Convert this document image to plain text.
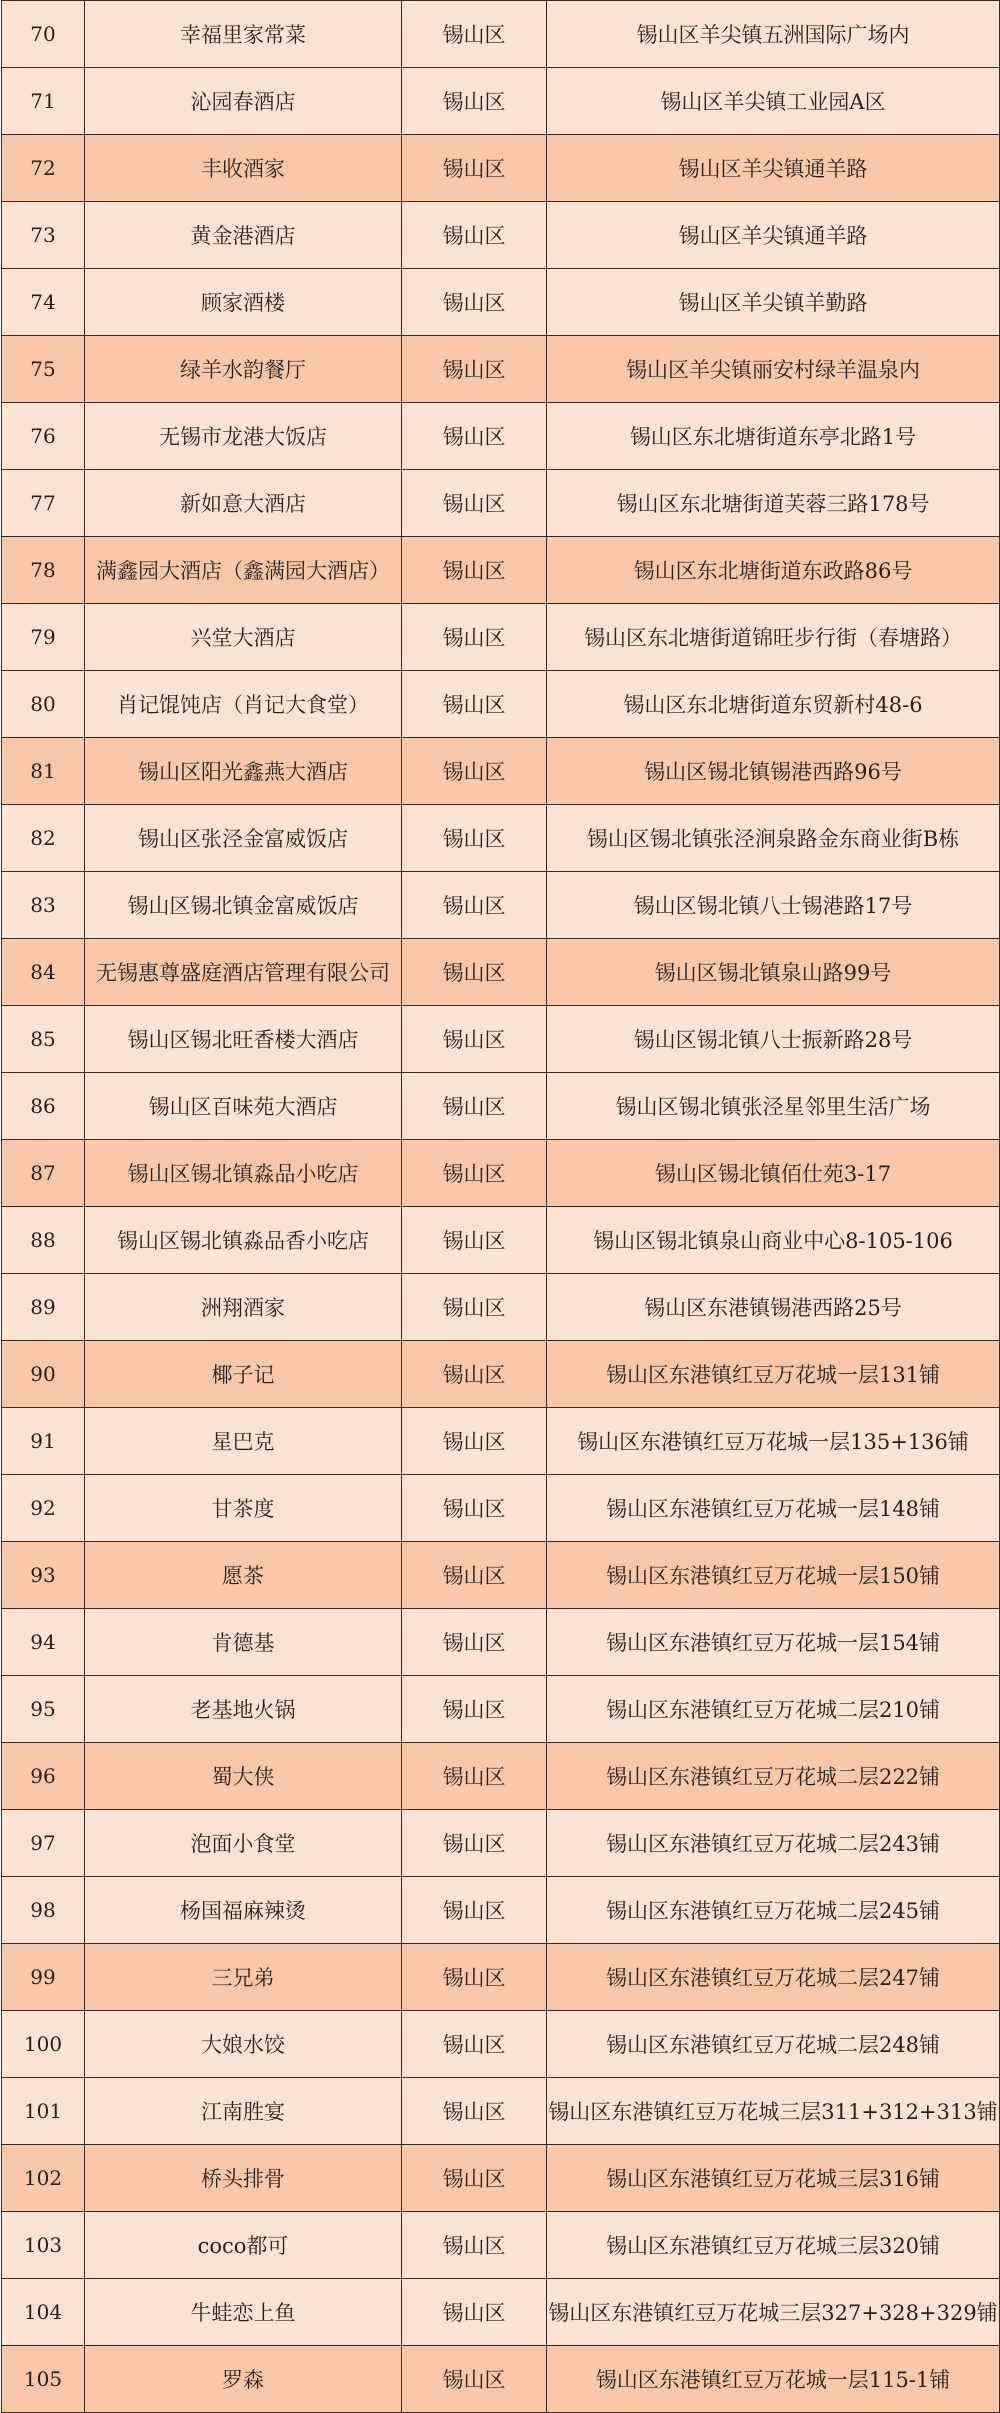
70	幸福里家常菜	锡山区	锡山区羊尖镇五洲国际广场内
71	沁园春酒店	锡山区	锡山区羊尖镇工业园A区
72	丰收酒家	锡山区	锡山区羊尖镇通羊路
73	黄金港酒店	锡山区	锡山区羊尖镇通羊路
74	顾家酒楼	锡山区	锡山区羊尖镇羊勤路
75	绿羊水韵餐厅	锡山区	锡山区羊尖镇丽安村绿羊温泉内
76	无锡市龙港大饭店	锡山区	锡山区东北塘街道东亭北路1号
77	新如意大酒店	锡山区	锡山区东北塘街道芙蓉三路178号
78	满鑫园大酒店（鑫满园大酒店）	锡山区	锡山区东北塘街道东政路86号
79	兴堂大酒店	锡山区	锡山区东北塘街道锦旺步行街（春塘路）
80	肖记馄饨店（肖记大食堂）	锡山区	锡山区东北塘街道东贸新村48-6
81	锡山区阳光鑫燕大酒店	锡山区	锡山区锡北镇锡港西路96号
82	锡山区张泾金富威饭店	锡山区	锡山区锡北镇张泾涧泉路金东商业街B栋
83	锡山区锡北镇金富威饭店	锡山区	锡山区锡北镇八士锡港路17号
84	无锡惠尊盛庭酒店管理有限公司	锡山区	锡山区锡北镇泉山路99号
85	锡山区锡北旺香楼大酒店	锡山区	锡山区锡北镇八士振新路28号
86	锡山区百味苑大酒店	锡山区	锡山区锡北镇张泾星邻里生活广场
87	锡山区锡北镇淼品小吃店	锡山区	锡山区锡北镇佰仕苑3-17
88	锡山区锡北镇淼品香小吃店	锡山区	锡山区锡北镇泉山商业中心8-105-106
89	洲翔酒家	锡山区	锡山区东港镇锡港西路25号
90	椰子记	锡山区	锡山区东港镇红豆万花城一层131铺
91	星巴克	锡山区	锡山区东港镇红豆万花城一层135+136铺
92	甘茶度	锡山区	锡山区东港镇红豆万花城一层148铺
93	愿茶	锡山区	锡山区东港镇红豆万花城一层150铺
94	肯德基	锡山区	锡山区东港镇红豆万花城一层154铺
95	老基地火锅	锡山区	锡山区东港镇红豆万花城二层210铺
96	蜀大侠	锡山区	锡山区东港镇红豆万花城二层222铺
97	泡面小食堂	锡山区	锡山区东港镇红豆万花城二层243铺
98	杨国福麻辣烫	锡山区	锡山区东港镇红豆万花城二层245铺
99	三兄弟	锡山区	锡山区东港镇红豆万花城二层247铺
100	大娘水饺	锡山区	锡山区东港镇红豆万花城二层248铺
101	江南胜宴	锡山区	锡山区东港镇红豆万花城三层311+312+313铺
102	桥头排骨	锡山区	锡山区东港镇红豆万花城三层316铺
103	coco都可	锡山区	锡山区东港镇红豆万花城三层320铺
104	牛蛙恋上鱼	锡山区	锡山区东港镇红豆万花城三层327+328+329铺
105	罗森	锡山区	锡山区东港镇红豆万花城一层115-1铺
